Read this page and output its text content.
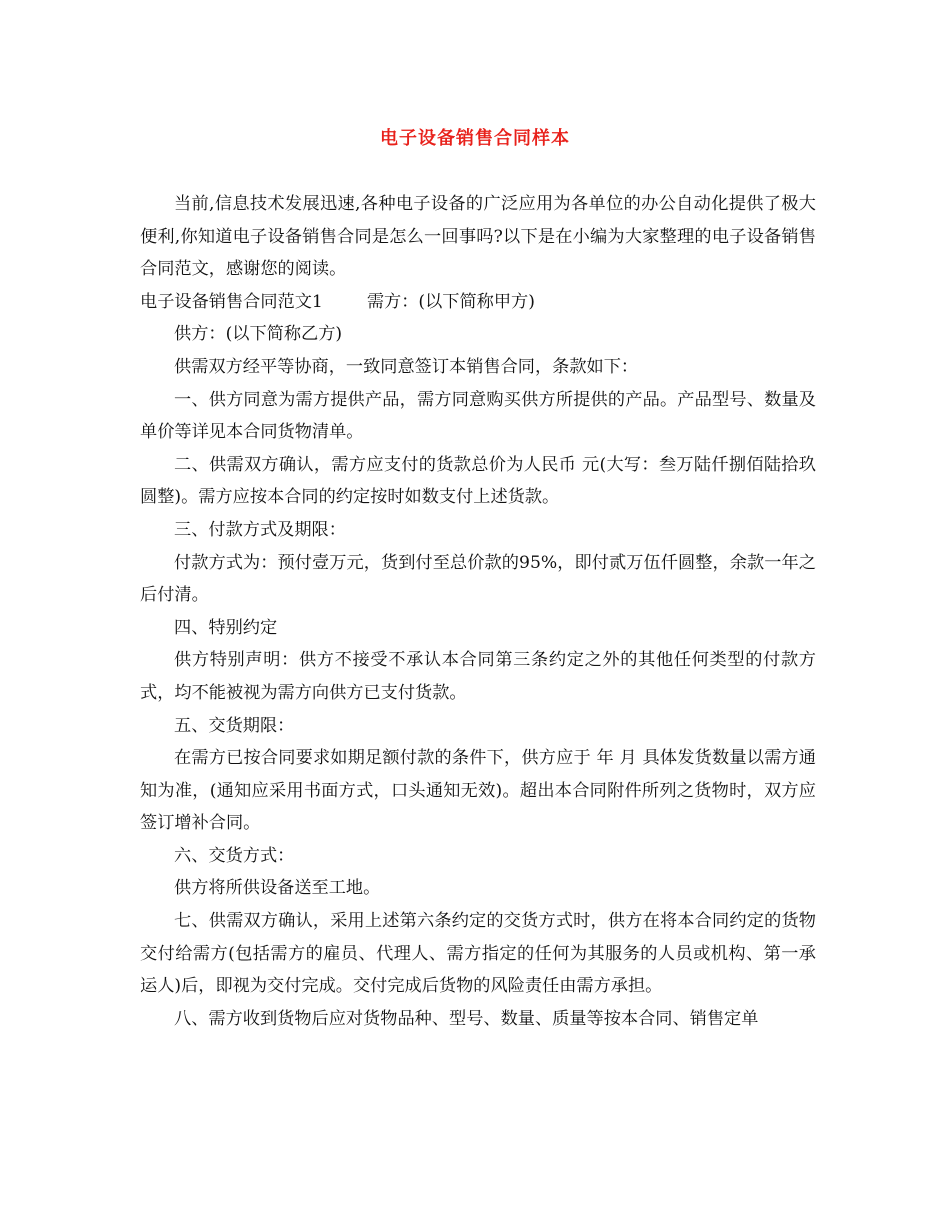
电子设备销售合同样本

当前,信息技术发展迅速,各种电子设备的广泛应用为各单位的办公自动化提供了极大便利,你知道电子设备销售合同是怎么一回事吗?以下是在小编为大家整理的电子设备销售合同范文，感谢您的阅读。

电子设备销售合同范文1	需方：(以下简称甲方)

供方：(以下简称乙方)

供需双方经平等协商，一致同意签订本销售合同，条款如下：

一、供方同意为需方提供产品，需方同意购买供方所提供的产品。产品型号、数量及单价等详见本合同货物清单。

二、供需双方确认，需方应支付的货款总价为人民币 元(大写：叁万陆仟捌佰陆拾玖圆整)。需方应按本合同的约定按时如数支付上述货款。

三、付款方式及期限：

付款方式为：预付壹万元，货到付至总价款的95%，即付贰万伍仟圆整，余款一年之后付清。

四、特别约定

供方特别声明：供方不接受不承认本合同第三条约定之外的其他任何类型的付款方式，均不能被视为需方向供方已支付货款。

五、交货期限：

在需方已按合同要求如期足额付款的条件下，供方应于 年 月 具体发货数量以需方通知为准，(通知应采用书面方式，口头通知无效)。超出本合同附件所列之货物时，双方应签订增补合同。

六、交货方式：

供方将所供设备送至工地。

七、供需双方确认，采用上述第六条约定的交货方式时，供方在将本合同约定的货物交付给需方(包括需方的雇员、代理人、需方指定的任何为其服务的人员或机构、第一承运人)后，即视为交付完成。交付完成后货物的风险责任由需方承担。

八、需方收到货物后应对货物品种、型号、数量、质量等按本合同、销售定单
